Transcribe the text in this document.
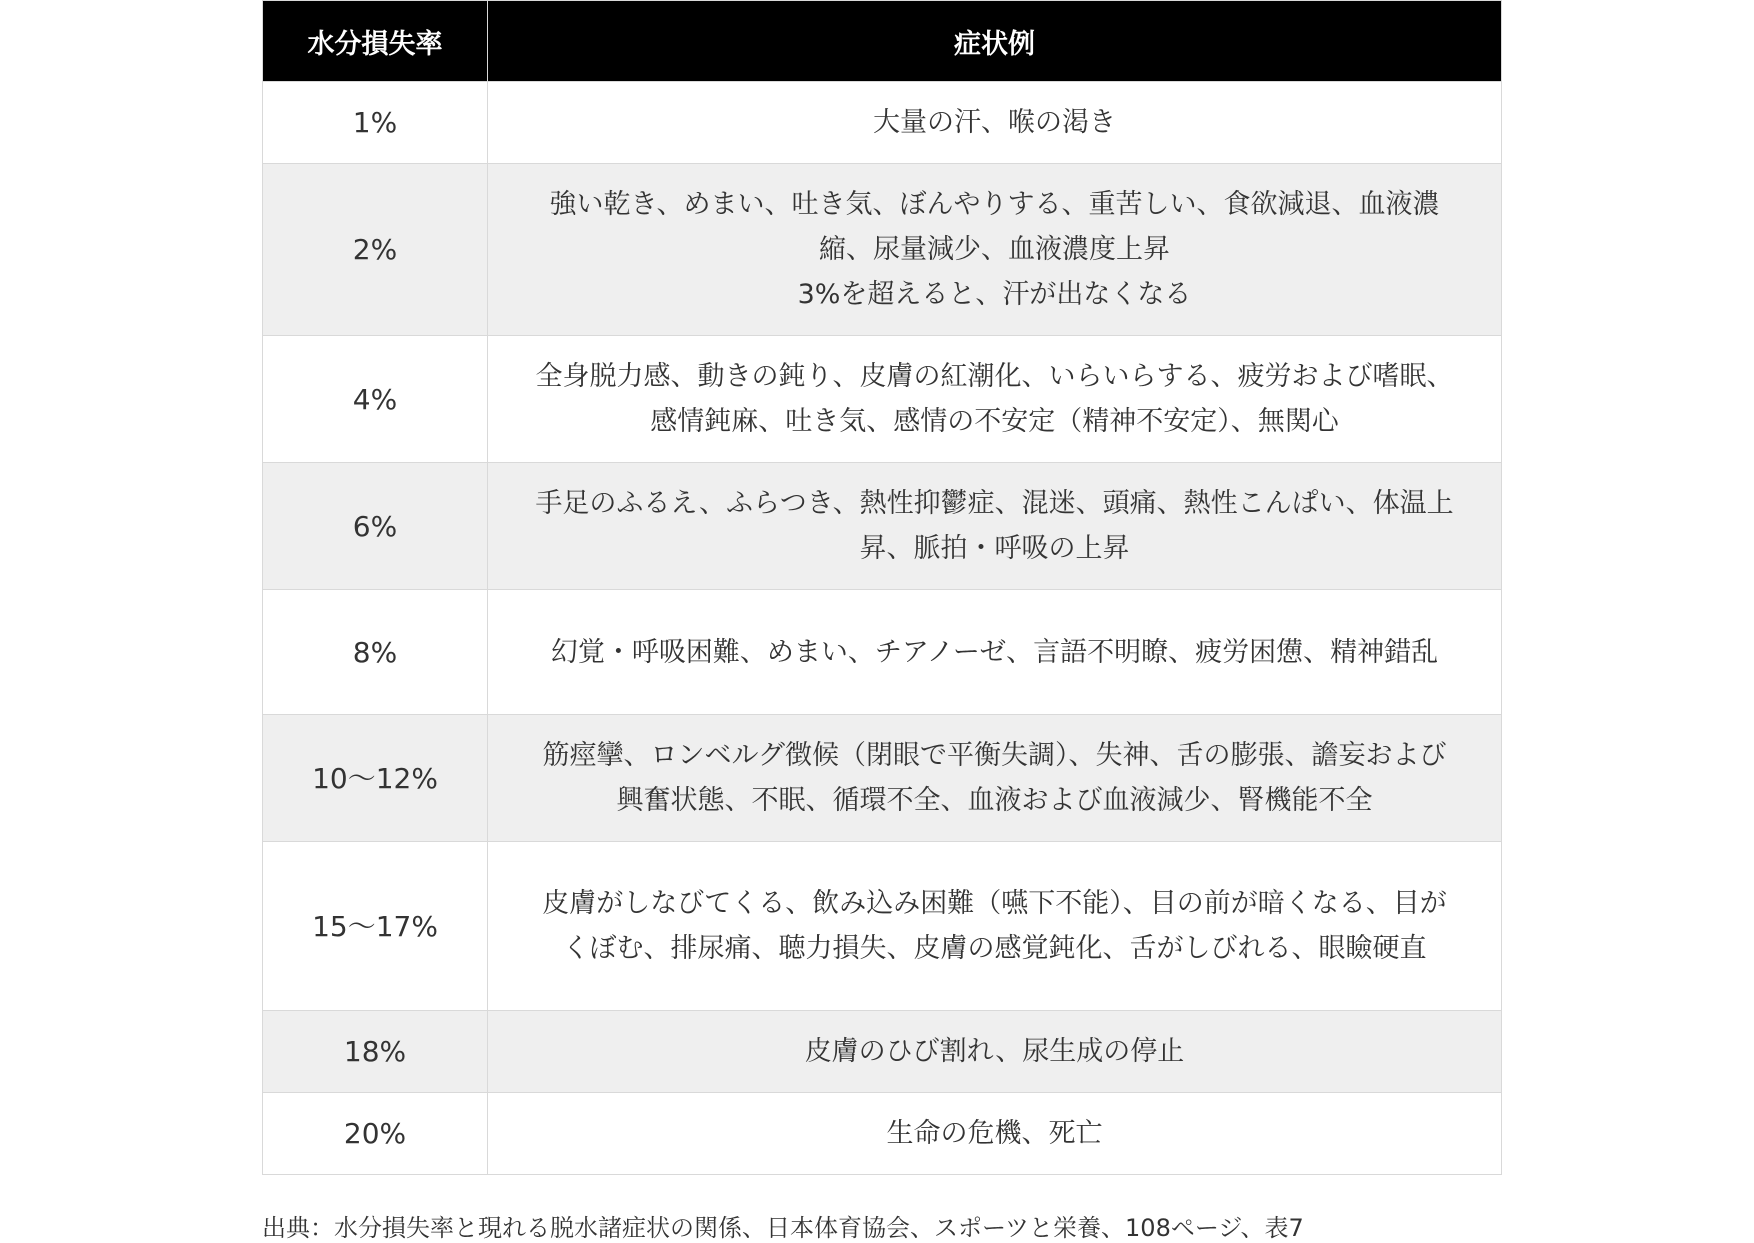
水分損失率	症状例
1%	大量の汗、喉の渇き

2%	強い乾き、めまい、吐き気、ぼんやりする、重苦しい、食欲減退、血液濃縮、尿量減少、血液濃度上昇
3%を超えると、汗が出なくなる

4%	全身脱力感、動きの鈍り、皮膚の紅潮化、いらいらする、疲労および嗜眠、感情鈍麻、吐き気、感情の不安定（精神不安定）、無関心

6%	手足のふるえ、ふらつき、熱性抑鬱症、混迷、頭痛、熱性こんぱい、体温上昇、脈拍・呼吸の上昇

8%	幻覚・呼吸困難、めまい、チアノーゼ、言語不明瞭、疲労困憊、精神錯乱

10〜12%	筋痙攣、ロンベルグ徴候（閉眼で平衡失調）、失神、舌の膨張、譫妄および興奮状態、不眠、循環不全、血液および血液減少、腎機能不全

15〜17%	皮膚がしなびてくる、飲み込み困難（嚥下不能）、目の前が暗くなる、目がくぼむ、排尿痛、聴力損失、皮膚の感覚鈍化、舌がしびれる、眼瞼硬直

18%	皮膚のひび割れ、尿生成の停止

20%	生命の危機、死亡
出典：水分損失率と現れる脱水諸症状の関係、日本体育協会、スポーツと栄養、108ページ、表7
